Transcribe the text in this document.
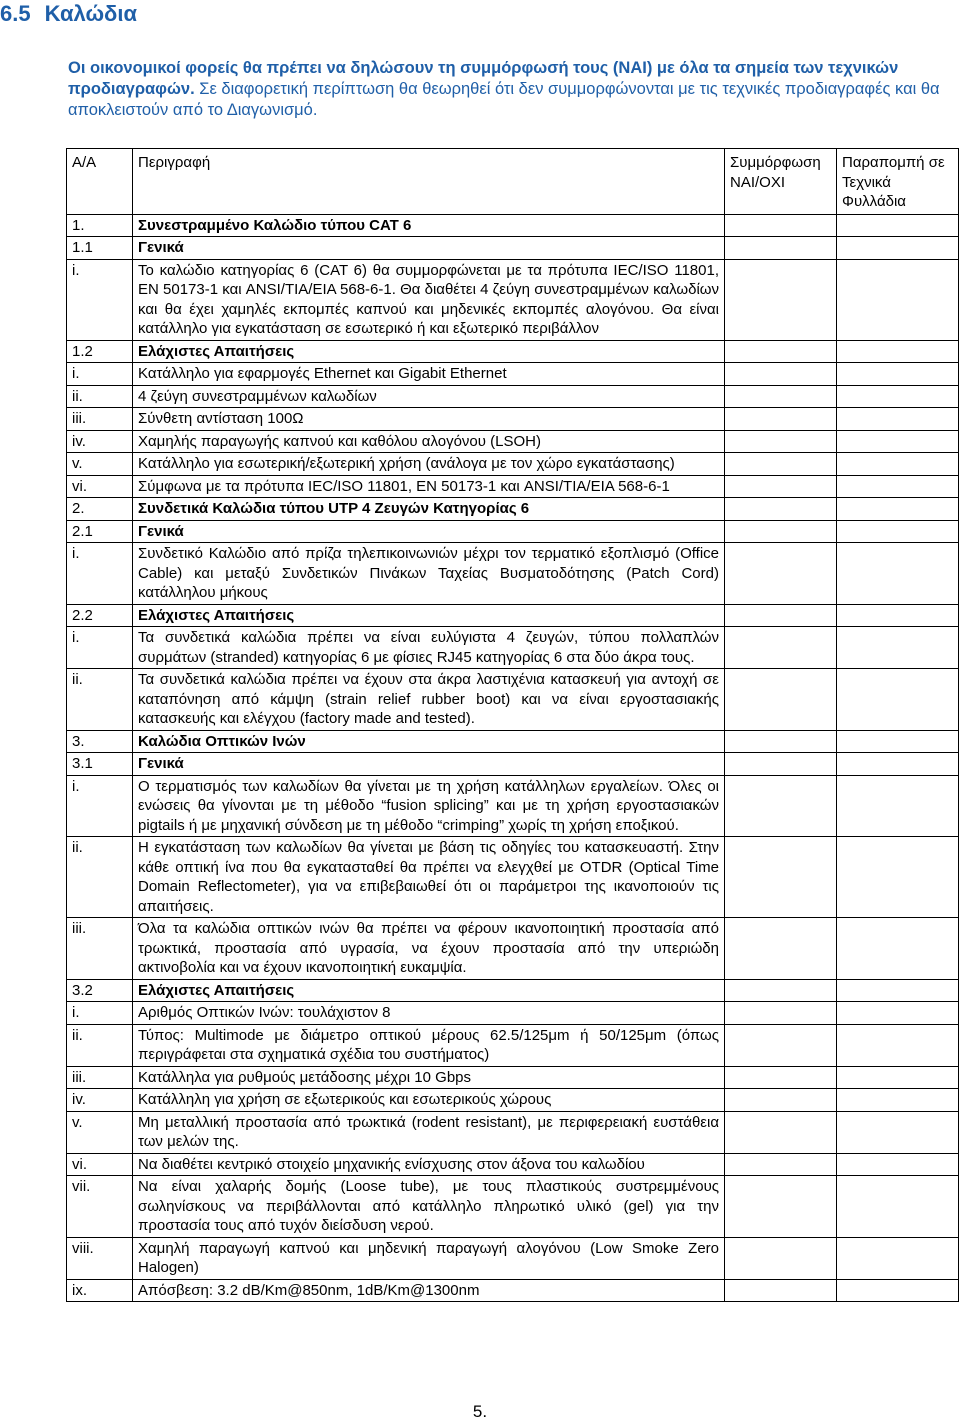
6.5 Καλώδια

Οι οικονομικοί φορείς θα πρέπει να δηλώσουν τη συμμόρφωσή τους (ΝΑΙ) με όλα τα σημεία των τεχνικών προδιαγραφών. Σε διαφορετική περίπτωση θα θεωρηθεί ότι δεν συμμορφώνονται με τις τεχνικές προδιαγραφές και θα αποκλειστούν από το Διαγωνισμό.

Α/Α	Περιγραφή	Συμμόρφωση ΝΑΙ/ΟΧΙ	Παραπομπή σε Τεχνικά Φυλλάδια
1.	Συνεστραμμένο Καλώδιο τύπου CAT 6		
1.1	Γενικά		
i.	Το καλώδιο κατηγορίας 6 (CAT 6) θα συμμορφώνεται με τα πρότυπα IEC/ISO 11801, EN 50173-1 και ANSI/TIA/EIA 568-6-1. Θα διαθέτει 4 ζεύγη συνεστραμμένων καλωδίων και θα έχει χαμηλές εκπομπές καπνού και μηδενικές εκπομπές αλογόνου. Θα είναι κατάλληλο για εγκατάσταση σε εσωτερικό ή και εξωτερικό περιβάλλον		
1.2	Ελάχιστες Απαιτήσεις		
i.	Κατάλληλο για εφαρμογές Ethernet και Gigabit Ethernet		
ii.	4 ζεύγη συνεστραμμένων καλωδίων		
iii.	Σύνθετη αντίσταση 100Ω		
iv.	Χαμηλής παραγωγής καπνού και καθόλου αλογόνου (LSOH)		
v.	Κατάλληλο για εσωτερική/εξωτερική χρήση (ανάλογα με τον χώρο εγκατάστασης)		
vi.	Σύμφωνα με τα πρότυπα IEC/ISO 11801, EN 50173-1 και ANSI/TIA/EIA 568-6-1		
2.	Συνδετικά Καλώδια τύπου UTP 4 Ζευγών Κατηγορίας 6		
2.1	Γενικά		
i.	Συνδετικό Καλώδιο από πρίζα τηλεπικοινωνιών μέχρι τον τερματικό εξοπλισμό (Office Cable) και μεταξύ Συνδετικών Πινάκων Ταχείας Βυσματοδότησης (Patch Cord) κατάλληλου μήκους		
2.2	Ελάχιστες Απαιτήσεις		
i.	Τα συνδετικά καλώδια πρέπει να είναι ευλύγιστα 4 ζευγών, τύπου πολλαπλών συρμάτων (stranded) κατηγορίας 6 με φίσιες RJ45 κατηγορίας 6 στα δύο άκρα τους.		
ii.	Τα συνδετικά καλώδια πρέπει να έχουν στα άκρα λαστιχένια κατασκευή για αντοχή σε καταπόνηση από κάμψη (strain relief rubber boot) και να είναι εργοστασιακής κατασκευής και ελέγχου (factory made and tested).		
3.	Καλώδια Οπτικών Ινών		
3.1	Γενικά		
i.	Ο τερματισμός των καλωδίων θα γίνεται με τη χρήση κατάλληλων εργαλείων. Όλες οι ενώσεις θα γίνονται με τη μέθοδο “fusion splicing” και με τη χρήση εργοστασιακών pigtails ή με μηχανική σύνδεση με τη μέθοδο “crimping” χωρίς τη χρήση εποξικού.		
ii.	Η εγκατάσταση των καλωδίων θα γίνεται με βάση τις οδηγίες του κατασκευαστή. Στην κάθε οπτική ίνα που θα εγκατασταθεί θα πρέπει να ελεγχθεί με OTDR (Optical Time Domain Reflectometer), για να επιβεβαιωθεί ότι οι παράμετροι της ικανοποιούν τις απαιτήσεις.		
iii.	Όλα τα καλώδια οπτικών ινών θα πρέπει να φέρουν ικανοποιητική προστασία από τρωκτικά, προστασία από υγρασία, να έχουν προστασία από την υπεριώδη ακτινοβολία και να έχουν ικανοποιητική ευκαμψία.		
3.2	Ελάχιστες Απαιτήσεις		
i.	Αριθμός Οπτικών Ινών: τουλάχιστον 8		
ii.	Τύπος: Multimode με διάμετρο οπτικού μέρους 62.5/125μm ή 50/125μm (όπως περιγράφεται στα σχηματικά σχέδια του συστήματος)		
iii.	Κατάλληλα για ρυθμούς μετάδοσης μέχρι 10 Gbps		
iv.	Κατάλληλη για χρήση σε εξωτερικούς και εσωτερικούς χώρους		
v.	Μη μεταλλική προστασία από τρωκτικά (rodent resistant), με περιφερειακή ευστάθεια των μελών της.		
vi.	Να διαθέτει κεντρικό στοιχείο μηχανικής ενίσχυσης στον άξονα του καλωδίου		
vii.	Να είναι χαλαρής δομής (Loose tube), με τους πλαστικούς συστρεμμένους σωληνίσκους να περιβάλλονται από κατάλληλο πληρωτικό υλικό (gel) για την προστασία τους από τυχόν διείσδυση νερού.		
viii.	Χαμηλή παραγωγή καπνού και μηδενική παραγωγή αλογόνου (Low Smoke Zero Halogen)		
ix.	Απόσβεση: 3.2 dB/Km@850nm, 1dB/Km@1300nm		

5.
